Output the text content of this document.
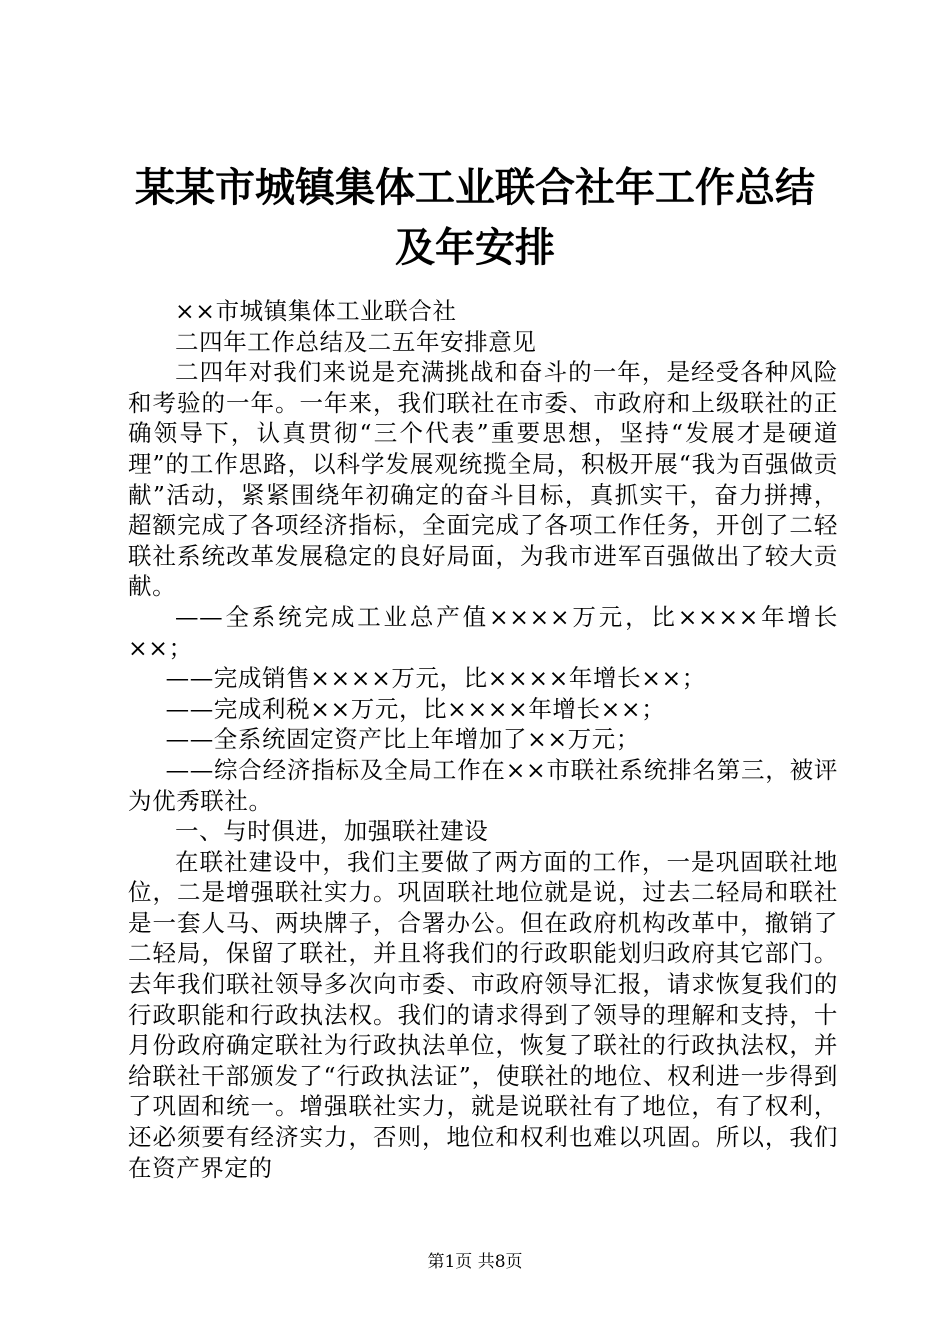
某某市城镇集体工业联合社年工作总结及年安排

××市城镇集体工业联合社

二四年工作总结及二五年安排意见

二四年对我们来说是充满挑战和奋斗的一年，是经受各种风险和考验的一年。一年来，我们联社在市委、市政府和上级联社的正确领导下，认真贯彻“三个代表”重要思想，坚持“发展才是硬道理”的工作思路，以科学发展观统揽全局，积极开展“我为百强做贡献”活动，紧紧围绕年初确定的奋斗目标，真抓实干，奋力拼搏，超额完成了各项经济指标，全面完成了各项工作任务，开创了二轻联社系统改革发展稳定的良好局面，为我市进军百强做出了较大贡献。

——全系统完成工业总产值××××万元，比××××年增长××；

——完成销售××××万元，比××××年增长××；

——完成利税××万元，比××××年增长××；

——全系统固定资产比上年增加了××万元；

——综合经济指标及全局工作在××市联社系统排名第三，被评为优秀联社。

一、与时俱进，加强联社建设

在联社建设中，我们主要做了两方面的工作，一是巩固联社地位，二是增强联社实力。巩固联社地位就是说，过去二轻局和联社是一套人马、两块牌子，合署办公。但在政府机构改革中，撤销了二轻局，保留了联社，并且将我们的行政职能划归政府其它部门。去年我们联社领导多次向市委、市政府领导汇报，请求恢复我们的行政职能和行政执法权。我们的请求得到了领导的理解和支持，十月份政府确定联社为行政执法单位，恢复了联社的行政执法权，并给联社干部颁发了“行政执法证”，使联社的地位、权利进一步得到了巩固和统一。增强联社实力，就是说联社有了地位，有了权利，还必须要有经济实力，否则，地位和权利也难以巩固。所以，我们在资产界定的

第1页 共8页
